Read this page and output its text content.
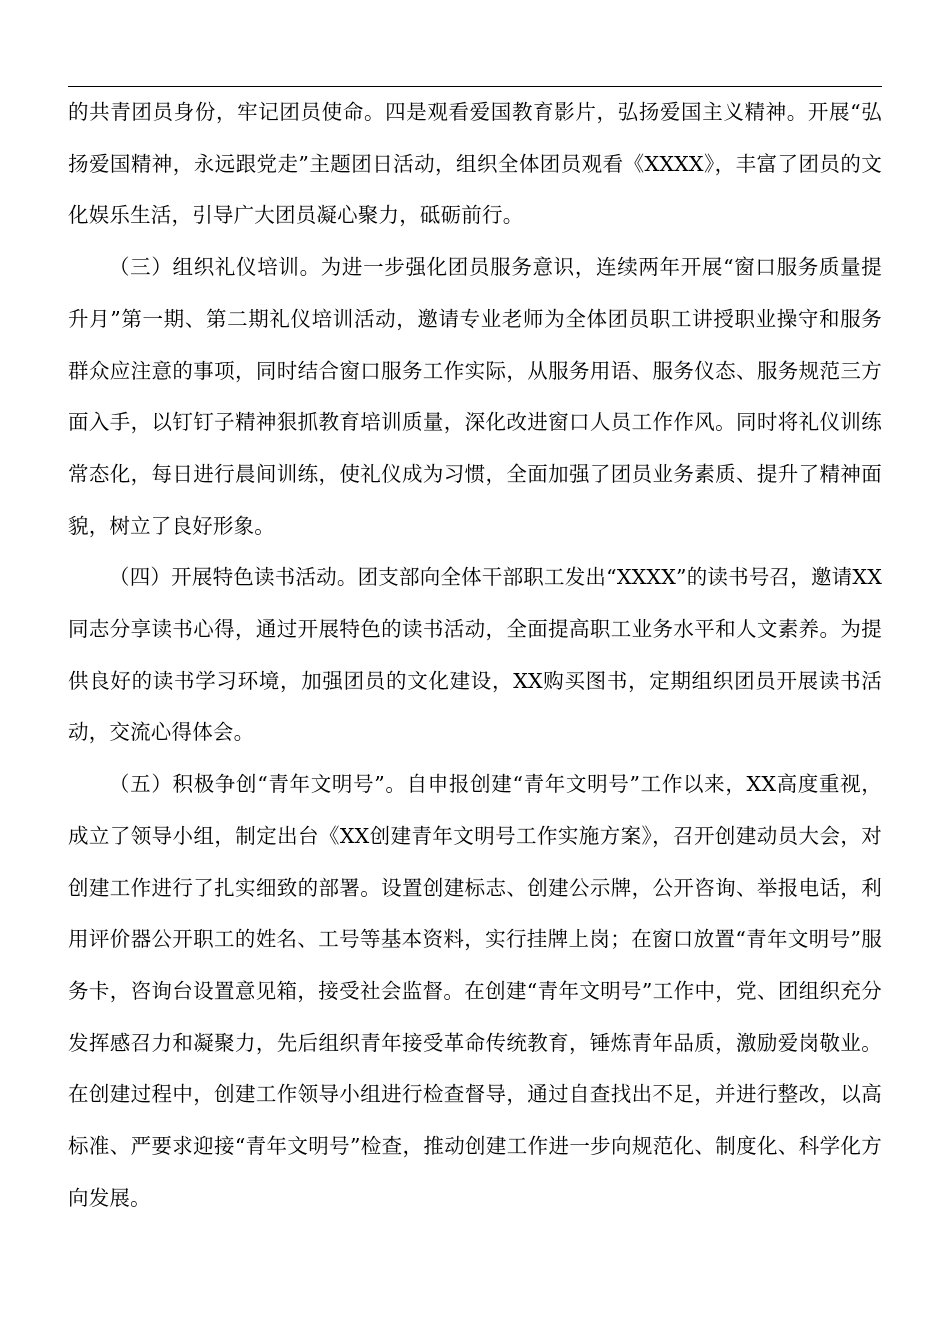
的共青团员身份，牢记团员使命。四是观看爱国教育影片，弘扬爱国主义精神。开展“弘扬爱国精神，永远跟党走”主题团日活动，组织全体团员观看《XXXX》，丰富了团员的文化娱乐生活，引导广大团员凝心聚力，砥砺前行。

（三）组织礼仪培训。为进一步强化团员服务意识，连续两年开展“窗口服务质量提升月”第一期、第二期礼仪培训活动，邀请专业老师为全体团员职工讲授职业操守和服务群众应注意的事项，同时结合窗口服务工作实际，从服务用语、服务仪态、服务规范三方面入手，以钉钉子精神狠抓教育培训质量，深化改进窗口人员工作作风。同时将礼仪训练常态化，每日进行晨间训练，使礼仪成为习惯，全面加强了团员业务素质、提升了精神面貌，树立了良好形象。

（四）开展特色读书活动。团支部向全体干部职工发出“XXXX”的读书号召，邀请XX同志分享读书心得，通过开展特色的读书活动，全面提高职工业务水平和人文素养。为提供良好的读书学习环境，加强团员的文化建设，XX购买图书，定期组织团员开展读书活动，交流心得体会。

（五）积极争创“青年文明号”。自申报创建“青年文明号”工作以来，XX高度重视，成立了领导小组，制定出台《XX创建青年文明号工作实施方案》，召开创建动员大会，对创建工作进行了扎实细致的部署。设置创建标志、创建公示牌，公开咨询、举报电话，利用评价器公开职工的姓名、工号等基本资料，实行挂牌上岗；在窗口放置“青年文明号”服务卡，咨询台设置意见箱，接受社会监督。在创建“青年文明号”工作中，党、团组织充分发挥感召力和凝聚力，先后组织青年接受革命传统教育，锤炼青年品质，激励爱岗敬业。在创建过程中，创建工作领导小组进行检查督导，通过自查找出不足，并进行整改，以高标准、严要求迎接“青年文明号”检查，推动创建工作进一步向规范化、制度化、科学化方向发展。
